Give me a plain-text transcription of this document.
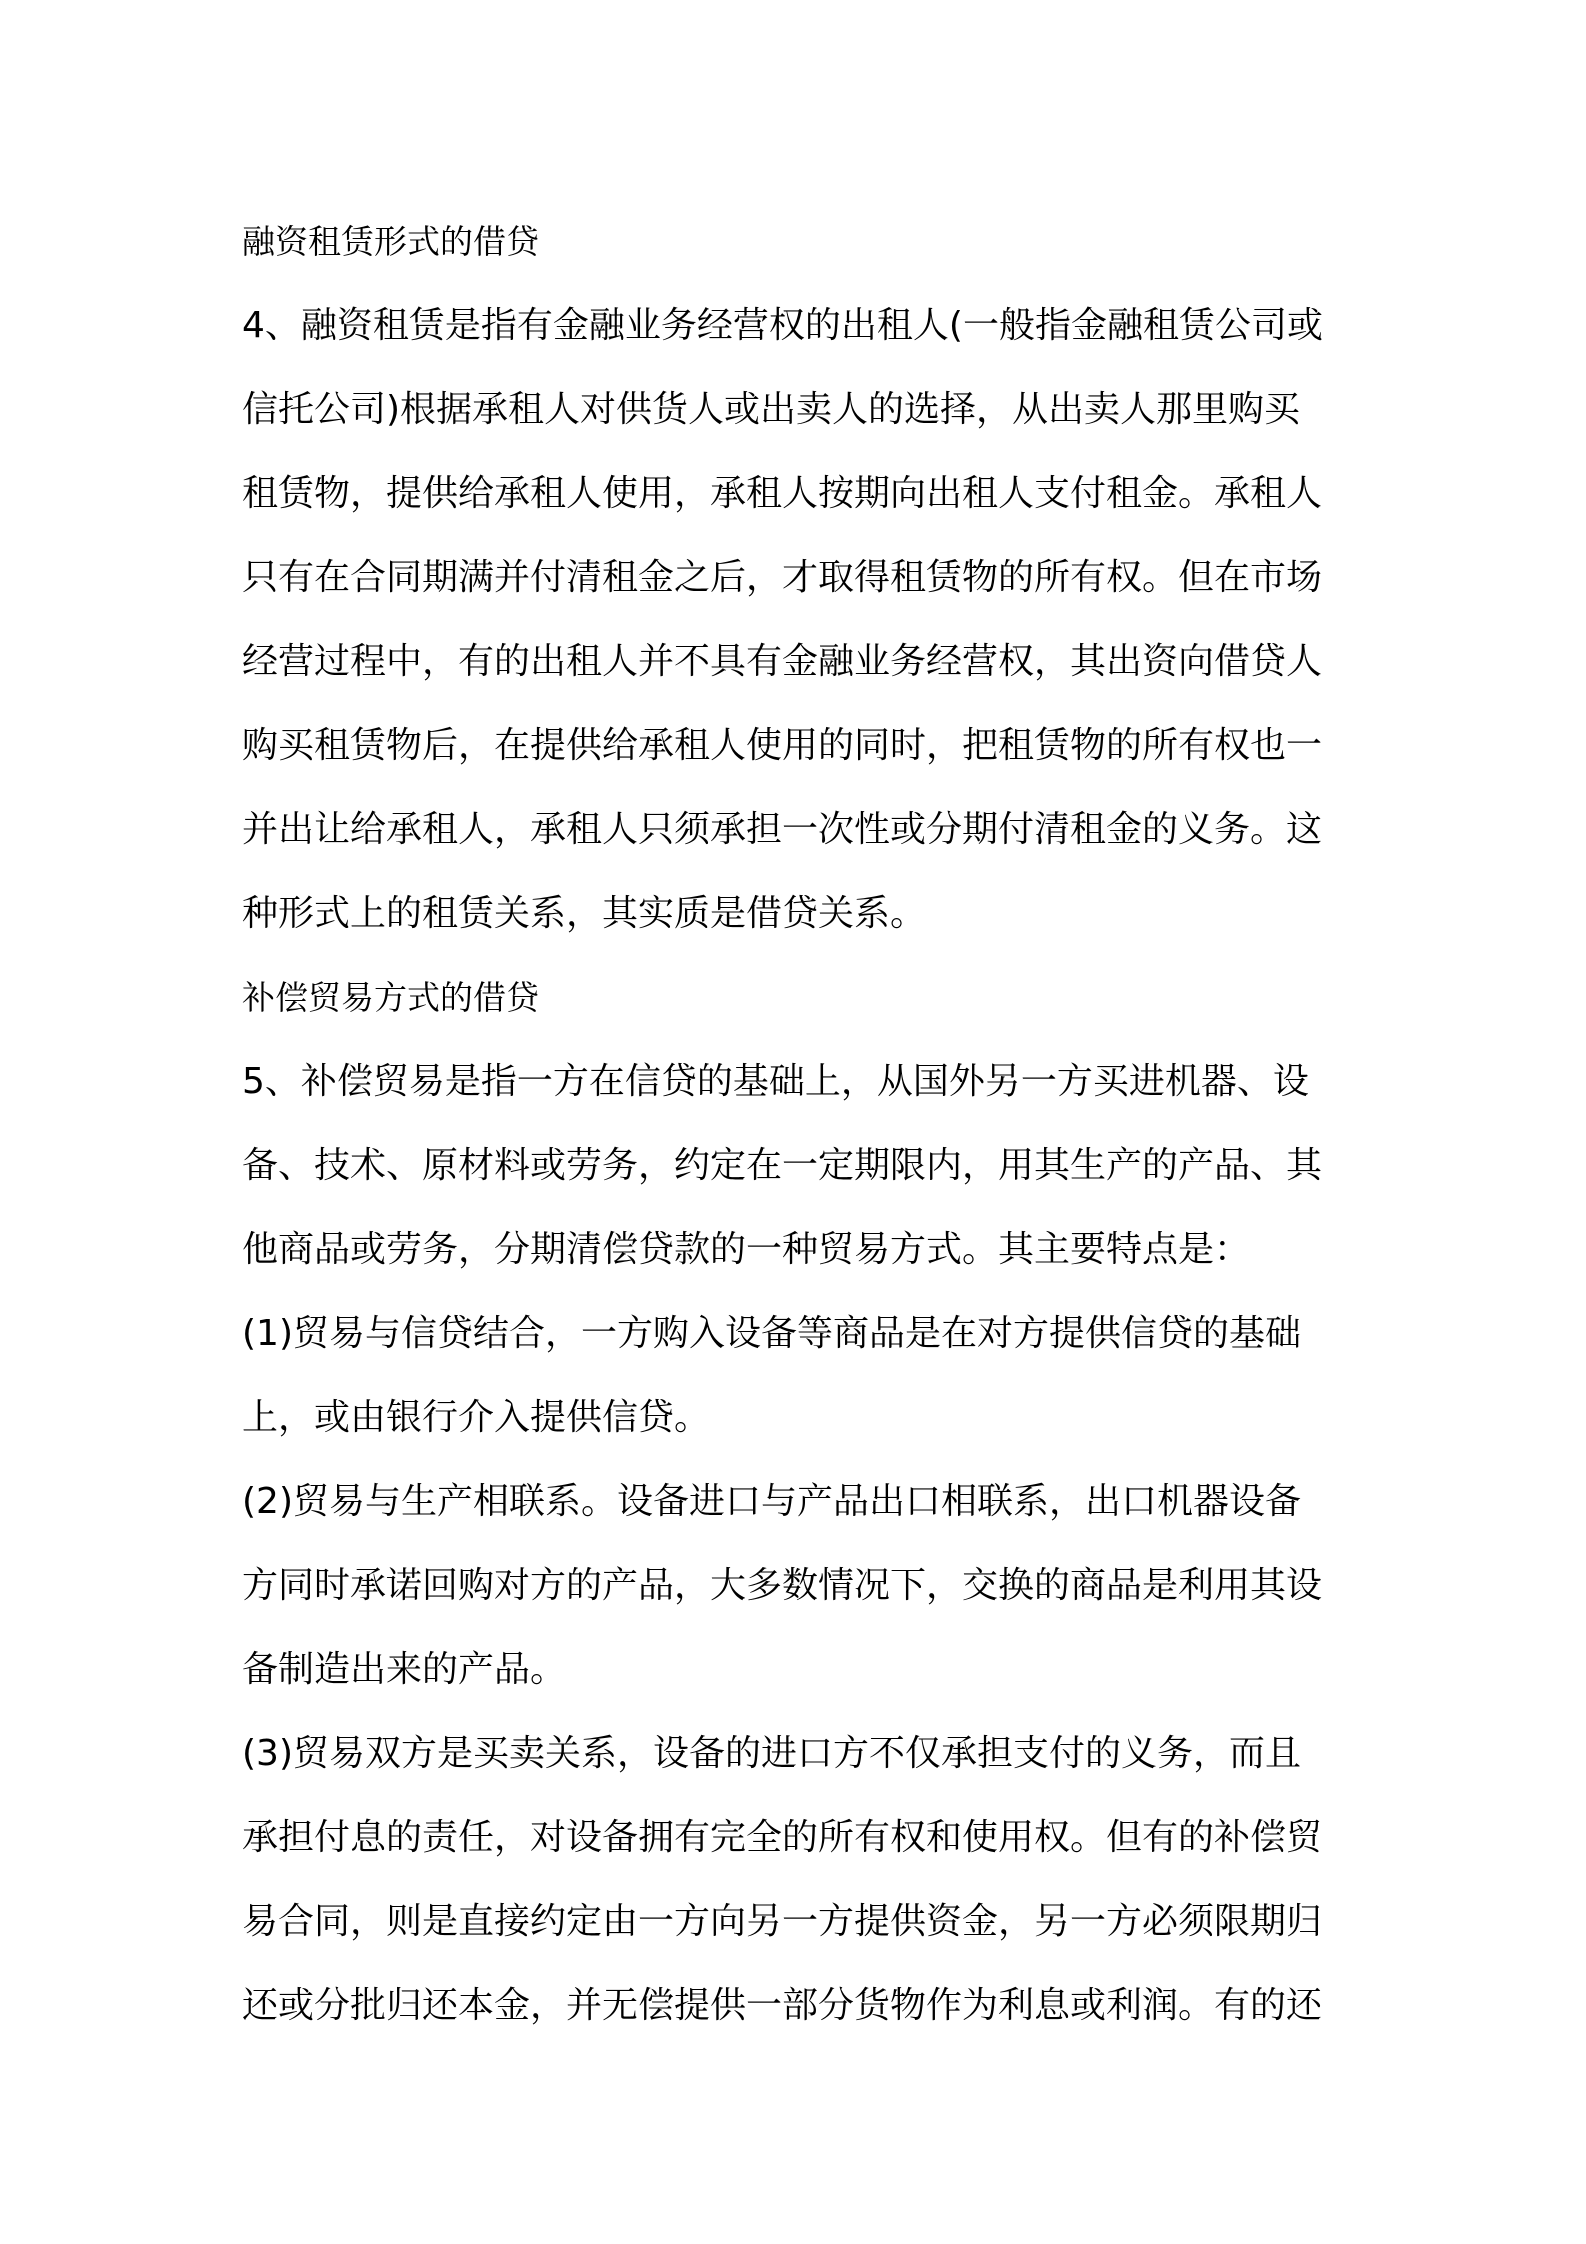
融资租赁形式的借贷
4、融资租赁是指有金融业务经营权的出租人(一般指金融租赁公司或
信托公司)根据承租人对供货人或出卖人的选择，从出卖人那里购买
租赁物，提供给承租人使用，承租人按期向出租人支付租金。承租人
只有在合同期满并付清租金之后，才取得租赁物的所有权。但在市场
经营过程中，有的出租人并不具有金融业务经营权，其出资向借贷人
购买租赁物后，在提供给承租人使用的同时，把租赁物的所有权也一
并出让给承租人，承租人只须承担一次性或分期付清租金的义务。这
种形式上的租赁关系，其实质是借贷关系。
补偿贸易方式的借贷
5、补偿贸易是指一方在信贷的基础上，从国外另一方买进机器、设
备、技术、原材料或劳务，约定在一定期限内，用其生产的产品、其
他商品或劳务，分期清偿贷款的一种贸易方式。其主要特点是：
(1)贸易与信贷结合，一方购入设备等商品是在对方提供信贷的基础
上，或由银行介入提供信贷。
(2)贸易与生产相联系。设备进口与产品出口相联系，出口机器设备
方同时承诺回购对方的产品，大多数情况下，交换的商品是利用其设
备制造出来的产品。
(3)贸易双方是买卖关系，设备的进口方不仅承担支付的义务，而且
承担付息的责任，对设备拥有完全的所有权和使用权。但有的补偿贸
易合同，则是直接约定由一方向另一方提供资金，另一方必须限期归
还或分批归还本金，并无偿提供一部分货物作为利息或利润。有的还
